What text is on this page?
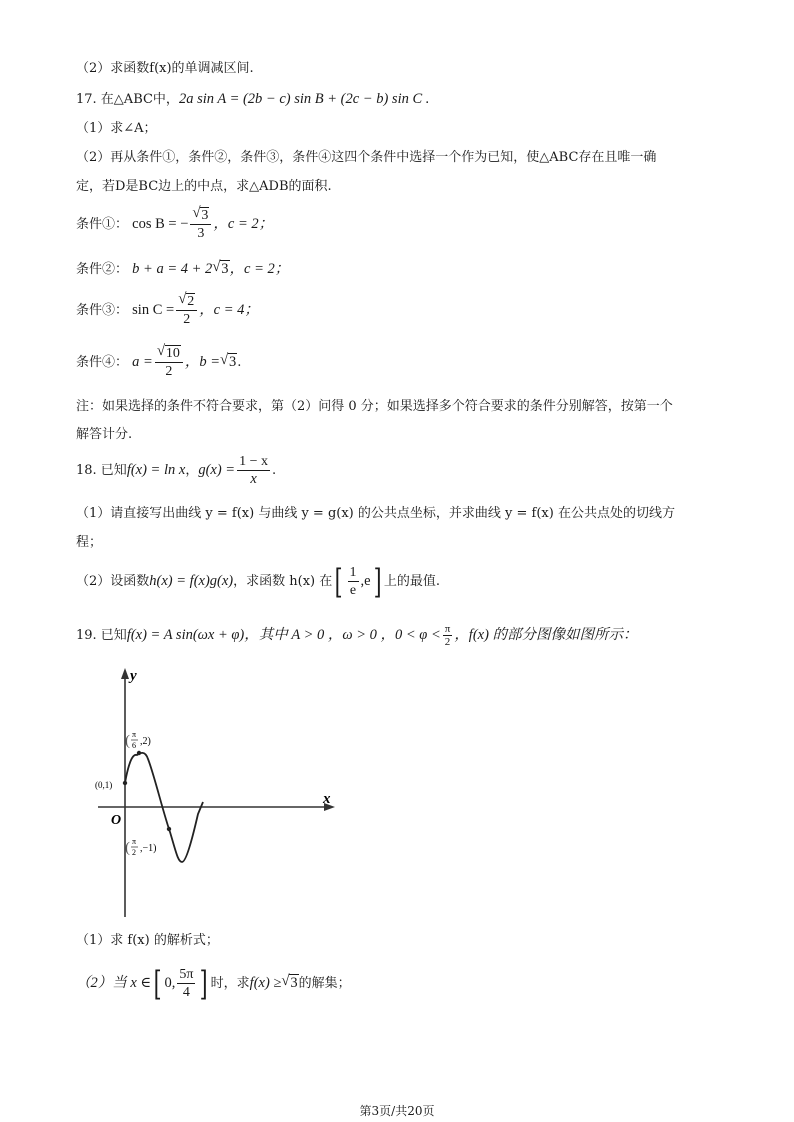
（2）求函数f(x)的单调减区间.
17. 在△ABC中，2a sin A = (2b − c) sin B + (2c − b) sin C .
（1）求∠A；
（2）再从条件①，条件②，条件③，条件④这四个条件中选择一个作为已知，使△ABC存在且唯一确
定，若D是BC边上的中点，求△ADB的面积.
条件①： cos B = − $\frac{√ 3}{3}$ ，c = 2；
条件②： b + a = 4 + 2 √ 3，c = 2；
条件③： $\sin C = \frac{√ 2}{2}$ ，c = 4；
条件④： $a = \frac{√ 10}{2}$ ，b = √ 3.
注：如果选择的条件不符合要求，第（2）问得 0 分；如果选择多个符合要求的条件分别解答，按第一个
解答计分.
18. 已知f(x) = ln x，$g(x) = \frac{1 - x}{x}$ .
（1）请直接写出曲线 y = f(x) 与曲线 y = g(x) 的公共点坐标，并求曲线 y = f(x) 在公共点处的切线方
程；
（2）设函数h(x) = f(x)g(x)，求函数 h(x) 在[ $\frac{1}{e} ,e$] 上的最值.
19. 已知f(x) = A sin(ωx + φ)，其中 A > 0 ，ω > 0 ，$0 < \varphi < \frac{\pi}{2}$ ，f(x) 的部分图像如图所示：
y
x
O
(0,1)
( π
6 ,2)
( π
2 ,−1)
（1）求 f(x) 的解析式；
（2）当 x ∈[ 0, $\frac{5\pi}{4}$ ] 时，求f(x) ≥ √ 3的解集；
第3页/共20页
